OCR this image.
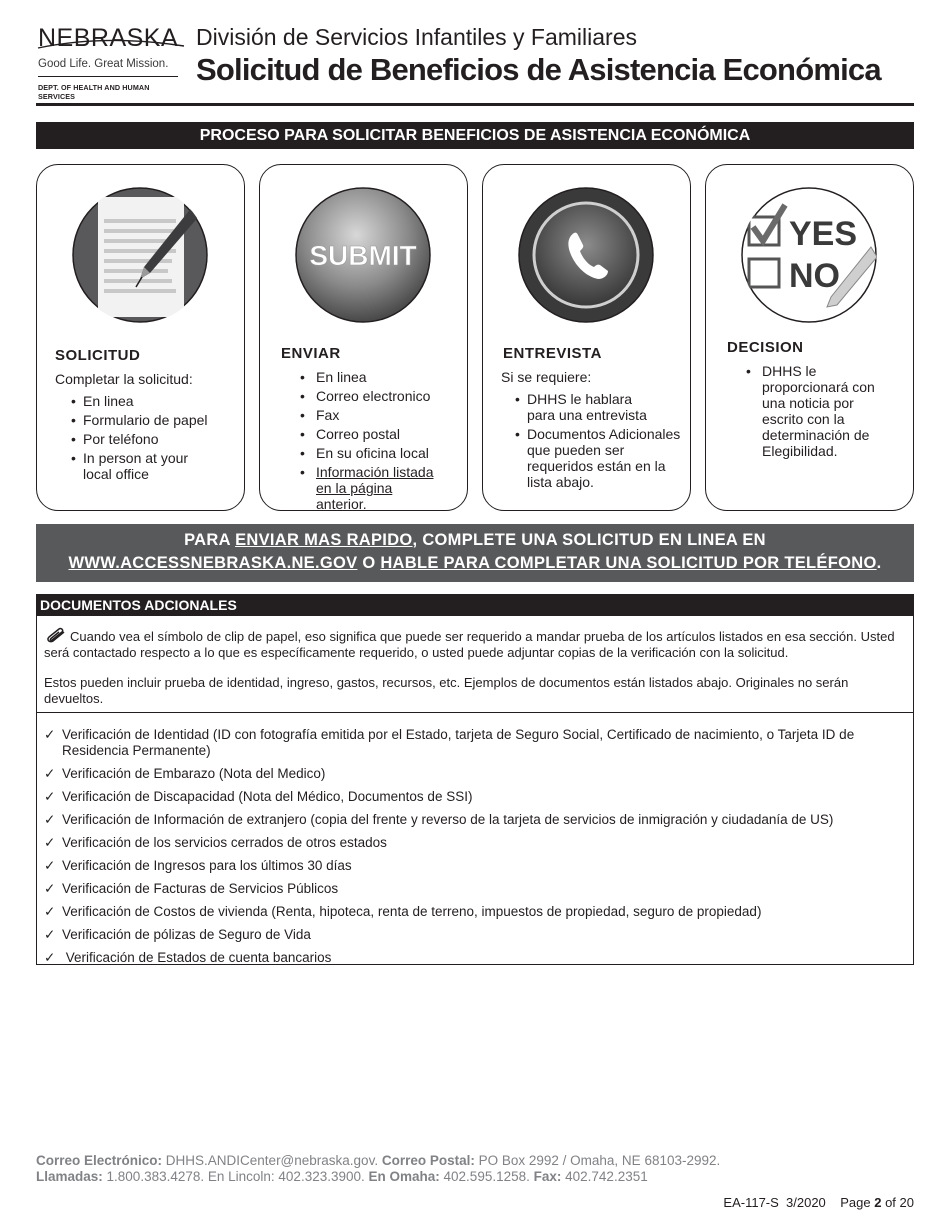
NEBRASKA
Good Life. Great Mission.
DEPT. OF HEALTH AND HUMAN SERVICES
División de Servicios Infantiles y Familiares
Solicitud de Beneficios de Asistencia Económica
PROCESO PARA SOLICITAR BENEFICIOS DE ASISTENCIA ECONÓMICA
SOLICITUD
Completar la solicitud:
• En linea
• Formulario de papel
• Por teléfono
• In person at your local office
SUBMIT
ENVIAR
• En linea
• Correo electronico
• Fax
• Correo postal
• En su oficina local
• Información listada en la página anterior.
ENTREVISTA
Si se requiere:
• DHHS le hablara para una entrevista
• Documentos Adicionales que pueden ser requeridos están en la lista abajo.
YES
NO
DECISION
• DHHS le proporcionará con una noticia por escrito con la determinación de Elegibilidad.
PARA ENVIAR MAS RAPIDO, COMPLETE UNA SOLICITUD EN LINEA EN
WWW.ACCESSNEBRASKA.NE.GOV O HABLE PARA COMPLETAR UNA SOLICITUD POR TELÉFONO.
DOCUMENTOS ADCIONALES

Cuando vea el símbolo de clip de papel, eso significa que puede ser requerido a mandar prueba de los artículos listados en esa sección. Usted será contactado respecto a lo que es específicamente requerido, o usted puede adjuntar copias de la verificación con la solicitud.

Estos pueden incluir prueba de identidad, ingreso, gastos, recursos, etc. Ejemplos de documentos están listados abajo. Originales no serán devueltos.

✓ Verificación de Identidad (ID con fotografía emitida por el Estado, tarjeta de Seguro Social, Certificado de nacimiento, o Tarjeta ID de Residencia Permanente)
✓ Verificación de Embarazo (Nota del Medico)
✓ Verificación de Discapacidad (Nota del Médico, Documentos de SSI)
✓ Verificación de Información de extranjero (copia del frente y reverso de la tarjeta de servicios de inmigración y ciudadanía de US)
✓ Verificación de los servicios cerrados de otros estados
✓ Verificación de Ingresos para los últimos 30 días
✓ Verificación de Facturas de Servicios Públicos
✓ Verificación de Costos de vivienda (Renta, hipoteca, renta de terreno, impuestos de propiedad, seguro de propiedad)
✓ Verificación de pólizas de Seguro de Vida
✓ Verificación de Estados de cuenta bancarios
Correo Electrónico: DHHS.ANDICenter@nebraska.gov. Correo Postal: PO Box 2992 / Omaha, NE 68103-2992.
Llamadas: 1.800.383.4278. En Lincoln: 402.323.3900. En Omaha: 402.595.1258. Fax: 402.742.2351
EA-117-S  3/2020 Page 2 of 20
